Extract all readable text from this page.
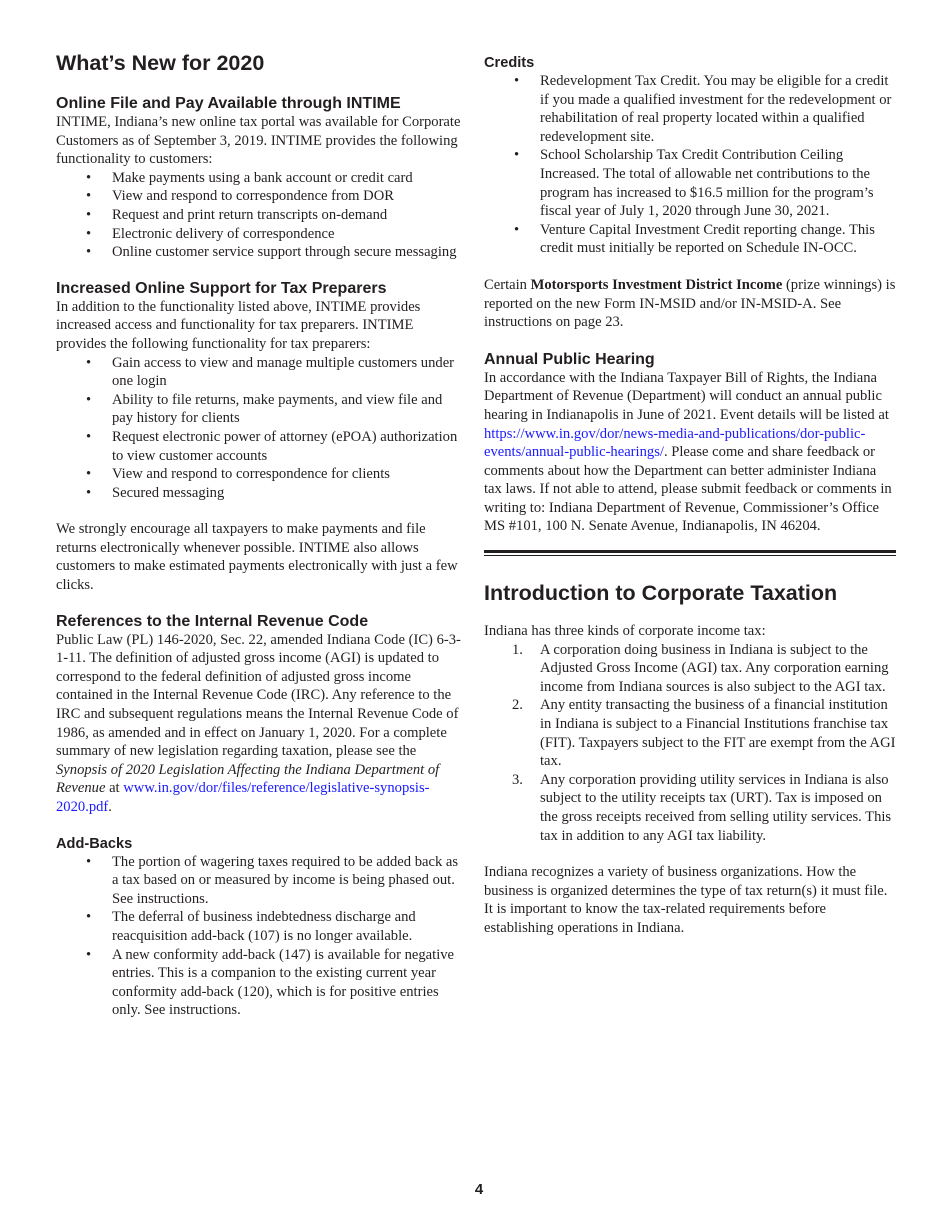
What’s New for 2020
Online File and Pay Available through INTIME

INTIME, Indiana’s new online tax portal was available for Corporate Customers as of September 3, 2019. INTIME provides the following functionality to customers:

• Make payments using a bank account or credit card
• View and respond to correspondence from DOR
• Request and print return transcripts on-demand
• Electronic delivery of correspondence
• Online customer service support through secure messaging
Increased Online Support for Tax Preparers

In addition to the functionality listed above, INTIME provides increased access and functionality for tax preparers. INTIME provides the following functionality for tax preparers:

• Gain access to view and manage multiple customers under one login
• Ability to file returns, make payments, and view file and pay history for clients
• Request electronic power of attorney (ePOA) authorization to view customer accounts
• View and respond to correspondence for clients
• Secured messaging

We strongly encourage all taxpayers to make payments and file returns electronically whenever possible. INTIME also allows customers to make estimated payments electronically with just a few clicks.

References to the Internal Revenue Code

Public Law (PL) 146-2020, Sec. 22, amended Indiana Code (IC) 6-3-1-11. The definition of adjusted gross income (AGI) is updated to correspond to the federal definition of adjusted gross income contained in the Internal Revenue Code (IRC). Any reference to the IRC and subsequent regulations means the Internal Revenue Code of 1986, as amended and in effect on January 1, 2020. For a complete summary of new legislation regarding taxation, please see the Synopsis of 2020 Legislation Affecting the Indiana Department of Revenue at www.in.gov/dor/files/reference/legislative-synopsis-2020.pdf.

Add-Backs
• The portion of wagering taxes required to be added back as a tax based on or measured by income is being phased out. See instructions.
• The deferral of business indebtedness discharge and reacquisition add-back (107) is no longer available.
• A new conformity add-back (147) is available for negative entries. This is a companion to the existing current year conformity add-back (120), which is for positive entries only. See instructions.
Credits
• Redevelopment Tax Credit. You may be eligible for a credit if you made a qualified investment for the redevelopment or rehabilitation of real property located within a qualified redevelopment site.
• School Scholarship Tax Credit Contribution Ceiling Increased. The total of allowable net contributions to the program has increased to $16.5 million for the program’s fiscal year of July 1, 2020 through June 30, 2021.
• Venture Capital Investment Credit reporting change. This credit must initially be reported on Schedule IN-OCC.

Certain Motorsports Investment District Income (prize winnings) is reported on the new Form IN-MSID and/or IN-MSID-A. See instructions on page 23.

Annual Public Hearing

In accordance with the Indiana Taxpayer Bill of Rights, the Indiana Department of Revenue (Department) will conduct an annual public hearing in Indianapolis in June of 2021. Event details will be listed at https://www.in.gov/dor/news-media-and-publications/dor-public-events/annual-public-hearings/. Please come and share feedback or comments about how the Department can better administer Indiana tax laws. If not able to attend, please submit feedback or comments in writing to: Indiana Department of Revenue, Commissioner’s Office MS #101, 100 N. Senate Avenue, Indianapolis, IN 46204.

Introduction to Corporate Taxation

Indiana has three kinds of corporate income tax:

1. A corporation doing business in Indiana is subject to the Adjusted Gross Income (AGI) tax. Any corporation earning income from Indiana sources is also subject to the AGI tax.
2. Any entity transacting the business of a financial institution in Indiana is subject to a Financial Institutions franchise tax (FIT). Taxpayers subject to the FIT are exempt from the AGI tax.
3. Any corporation providing utility services in Indiana is also subject to the utility receipts tax (URT). Tax is imposed on the gross receipts received from selling utility services. This tax in addition to any AGI tax liability.

Indiana recognizes a variety of business organizations. How the business is organized determines the type of tax return(s) it must file. It is important to know the tax-related requirements before establishing operations in Indiana.

4
